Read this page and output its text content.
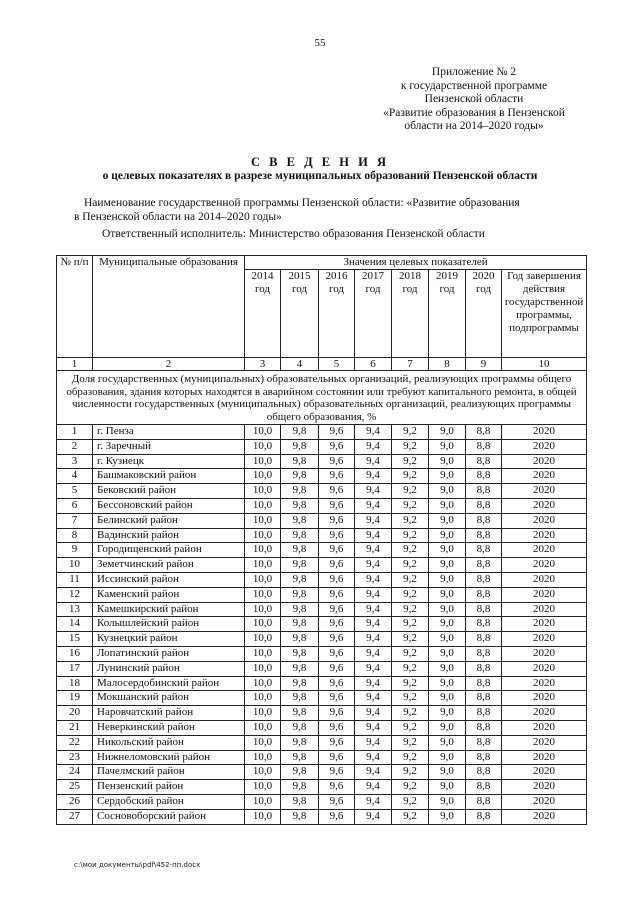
55
Приложение № 2
к государственной программе
Пензенской области
«Развитие образования в Пензенской
области на 2014–2020 годы»
С В Е Д Е Н И Я
о целевых показателях в разрезе муниципальных образований Пензенской области
Наименование государственной программы Пензенской области: «Развитие образования
в Пензенской области на 2014–2020 годы»
Ответственный исполнитель: Министерство образования Пензенской области
№ п/п	Муниципальные образования	Значения целевых показателей							
		2014 год	2015 год	2016 год	2017 год	2018 год	2019 год	2020 год	Год завершения действия государственной программы, подпрограммы
1	2	3	4	5	6	7	8	9	10
Доля государственных (муниципальных) образовательных организаций, реализующих программы общего образования, здания которых находятся в аварийном состоянии или требуют капитального ремонта, в общей численности государственных (муниципальных) образовательных организаций, реализующих программы общего образования, %									
1	г. Пенза	10,0	9,8	9,6	9,4	9,2	9,0	8,8	2020
2	г. Заречный	10,0	9,8	9,6	9,4	9,2	9,0	8,8	2020
3	г. Кузнецк	10,0	9,8	9,6	9,4	9,2	9,0	8,8	2020
4	Башмаковский район	10,0	9,8	9,6	9,4	9,2	9,0	8,8	2020
5	Бековский район	10,0	9,8	9,6	9,4	9,2	9,0	8,8	2020
6	Бессоновский район	10,0	9,8	9,6	9,4	9,2	9,0	8,8	2020
7	Белинский район	10,0	9,8	9,6	9,4	9,2	9,0	8,8	2020
8	Вадинский район	10,0	9,8	9,6	9,4	9,2	9,0	8,8	2020
9	Городищенский район	10,0	9,8	9,6	9,4	9,2	9,0	8,8	2020
10	Земетчинский район	10,0	9,8	9,6	9,4	9,2	9,0	8,8	2020
11	Иссинский район	10,0	9,8	9,6	9,4	9,2	9,0	8,8	2020
12	Каменский район	10,0	9,8	9,6	9,4	9,2	9,0	8,8	2020
13	Камешкирский район	10,0	9,8	9,6	9,4	9,2	9,0	8,8	2020
14	Колышлейский район	10,0	9,8	9,6	9,4	9,2	9,0	8,8	2020
15	Кузнецкий район	10,0	9,8	9,6	9,4	9,2	9,0	8,8	2020
16	Лопатинский район	10,0	9,8	9,6	9,4	9,2	9,0	8,8	2020
17	Лунинский район	10,0	9,8	9,6	9,4	9,2	9,0	8,8	2020
18	Малосердобинский район	10,0	9,8	9,6	9,4	9,2	9,0	8,8	2020
19	Мокшанский район	10,0	9,8	9,6	9,4	9,2	9,0	8,8	2020
20	Наровчатский район	10,0	9,8	9,6	9,4	9,2	9,0	8,8	2020
21	Неверкинский район	10,0	9,8	9,6	9,4	9,2	9,0	8,8	2020
22	Никольский район	10,0	9,8	9,6	9,4	9,2	9,0	8,8	2020
23	Нижнеломовский район	10,0	9,8	9,6	9,4	9,2	9,0	8,8	2020
24	Пачелмский район	10,0	9,8	9,6	9,4	9,2	9,0	8,8	2020
25	Пензенский район	10,0	9,8	9,6	9,4	9,2	9,0	8,8	2020
26	Сердобский район	10,0	9,8	9,6	9,4	9,2	9,0	8,8	2020
27	Сосновоборский район	10,0	9,8	9,6	9,4	9,2	9,0	8,8	2020
c:\мои документы\pdf\452-пп.docx
